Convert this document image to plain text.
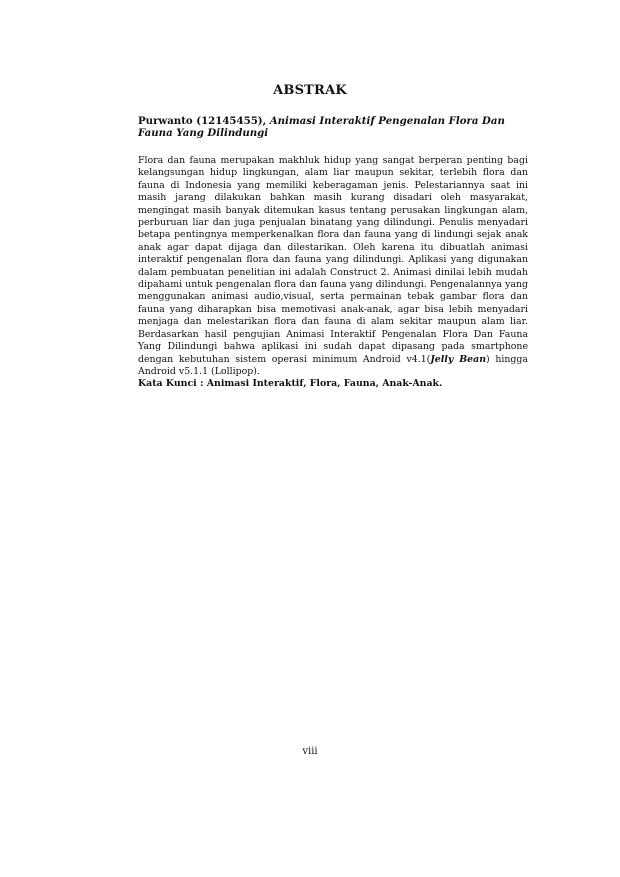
ABSTRAK
Purwanto (12145455), Animasi Interaktif Pengenalan Flora Dan Fauna Yang Dilindungi

Flora dan fauna merupakan makhluk hidup yang sangat berperan penting bagi kelangsungan hidup lingkungan, alam liar maupun sekitar, terlebih flora dan fauna di Indonesia yang memiliki keberagaman jenis. Pelestariannya saat ini masih jarang dilakukan bahkan masih kurang disadari oleh masyarakat, mengingat masih banyak ditemukan kasus tentang perusakan lingkungan alam, perburuan liar dan juga penjualan binatang yang dilindungi. Penulis menyadari betapa pentingnya memperkenalkan flora dan fauna yang di lindungi sejak anak anak agar dapat dijaga dan dilestarikan. Oleh karena itu dibuatlah animasi interaktif pengenalan flora dan fauna yang dilindungi. Aplikasi yang digunakan dalam pembuatan penelitian ini adalah Construct 2. Animasi dinilai lebih mudah dipahami untuk pengenalan flora dan fauna yang dilindungi. Pengenalannya yang menggunakan animasi audio,visual, serta permainan tebak gambar flora dan fauna yang diharapkan bisa memotivasi anak-anak, agar bisa lebih menyadari menjaga dan melestarikan flora dan fauna di alam sekitar maupun alam liar. Berdasarkan hasil pengujian Animasi Interaktif Pengenalan Flora Dan Fauna Yang Dilindungi bahwa aplikasi ini sudah dapat dipasang pada smartphone dengan kebutuhan sistem operasi minimum Android v4.1(Jelly Bean) hingga Android v5.1.1 (Lollipop).

Kata Kunci : Animasi Interaktif, Flora, Fauna, Anak-Anak.

viii
